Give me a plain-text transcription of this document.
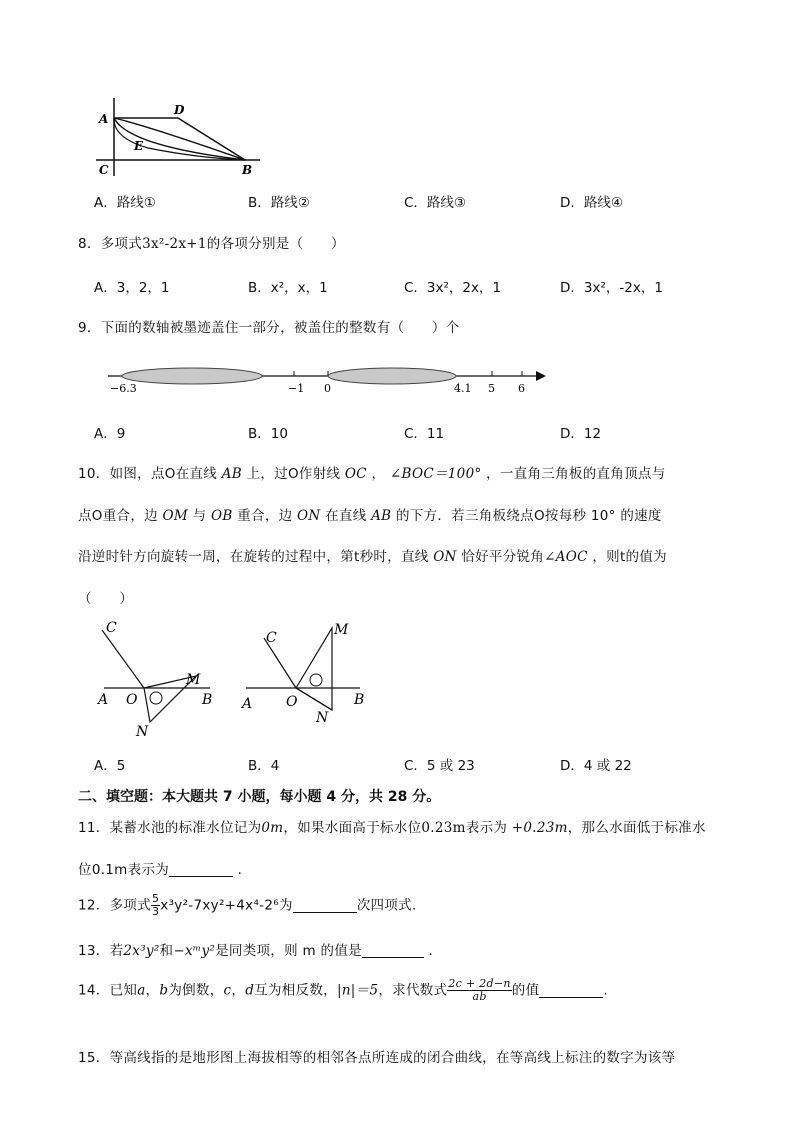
A
D
E
C	B
A．路线①	B．路线②	C．路线③	D．路线④
8．多项式3x²-2x+1的各项分别是（　　）
A．3，2，1	B．x²，x，1	C．3x²，2x，1	D．3x²，-2x，1
9．下面的数轴被墨迹盖住一部分，被盖住的整数有（　　）个
−6.3	−1 0	4.1 5 6
A．9	B．10	C．11	D．12
10．如图，点O在直线 AB 上，过O作射线 OC ， ∠BOC＝100° ，一直角三角板的直角顶点与
点O重合，边 OM 与 OB 重合，边 ON 在直线 AB 的下方．若三角板绕点O按每秒 10° 的速度
沿逆时针方向旋转一周，在旋转的过程中，第t秒时，直线 ON 恰好平分锐角∠AOC ，则t的值为
（　　）
C
A O
M
B
N
C	M
A O	B
N
A．5	B．4	C．5 或 23	D．4 或 22
二、填空题：本大题共 7 小题，每小题 4 分，共 28 分。
11．某蓄水池的标准水位记为0m，如果水面高于标水位0.23m表示为 +0.23m，那么水面低于标准水
位0.1m表示为	．
12．多项式 $\frac{5}{3} x^3y^2-7xy^2+4x^4-2^6$为	次四项式.
13．若2x³y²和−xᵐy²是同类项，则 m 的值是	．
14．已知a，b为倒数，c，d互为相反数，|n|＝5，求代数式 $\frac{2c + 2d-n}{ab}$ 的值	.
15．等高线指的是地形图上海拔相等的相邻各点所连成的闭合曲线，在等高线上标注的数字为该等
